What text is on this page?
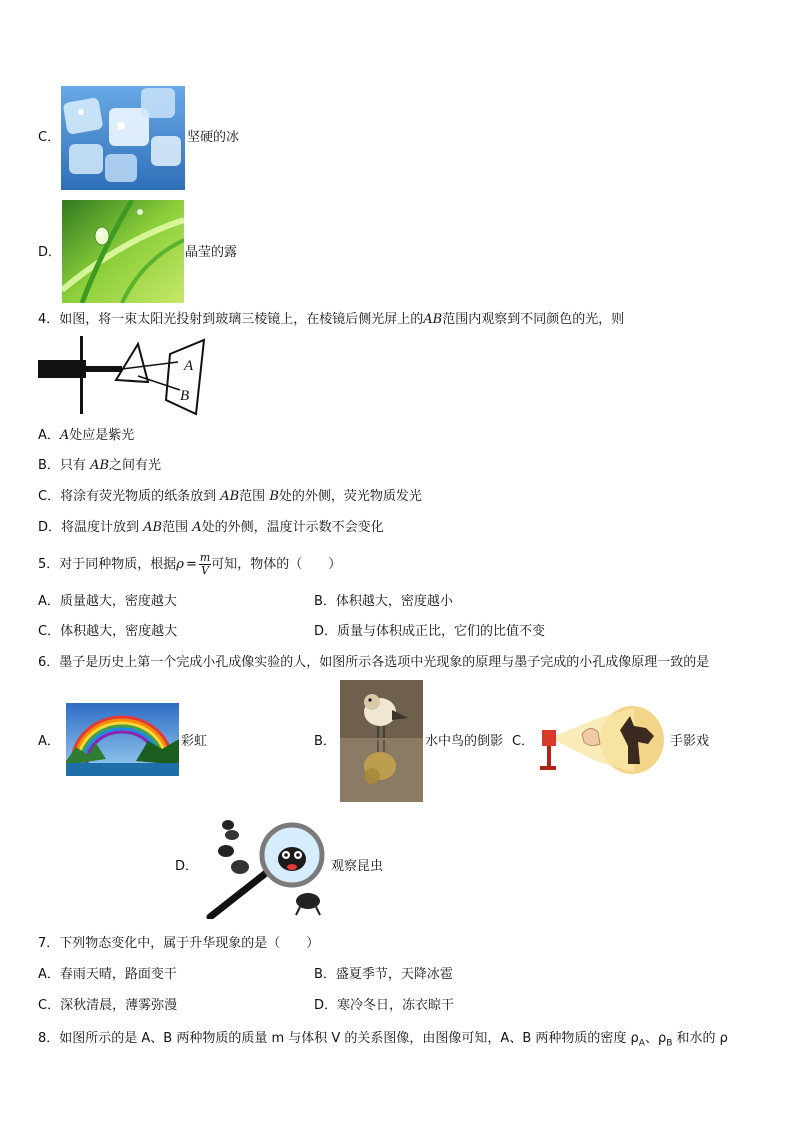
C．	坚硬的冰
D．	晶莹的露
4．如图，将一束太阳光投射到玻璃三棱镜上，在棱镜后侧光屏上的AB范围内观察到不同颜色的光，则
A
B
A．A处应是紫光
B．只有 AB之间有光
C．将涂有荧光物质的纸条放到 AB范围 B处的外侧，荧光物质发光
D．将温度计放到 AB范围 A处的外侧，温度计示数不会变化
5．对于同种物质，根据$\rho = \frac{m}{V}$ 可知，物体的（　　）
A．质量越大，密度越大	B．体积越大，密度越小
C．体积越大，密度越大	D．质量与体积成正比，它们的比值不变
6．墨子是历史上第一个完成小孔成像实验的人，如图所示各选项中光现象的原理与墨子完成的小孔成像原理一致的是
A．	彩虹	B．	水中鸟的倒影 C．	手影戏
D．	观察昆虫
7．下列物态变化中，属于升华现象的是（　　）
A．春雨天晴，路面变干	B．盛夏季节，天降冰雹
C．深秋清晨，薄雾弥漫	D．寒冷冬日，冻衣晾干
8．如图所示的是 A、B 两种物质的质量 m 与体积 V 的关系图像，由图像可知，A、B 两种物质的密度 $\rho_A$、$\rho_B$ 和水的 ρ
